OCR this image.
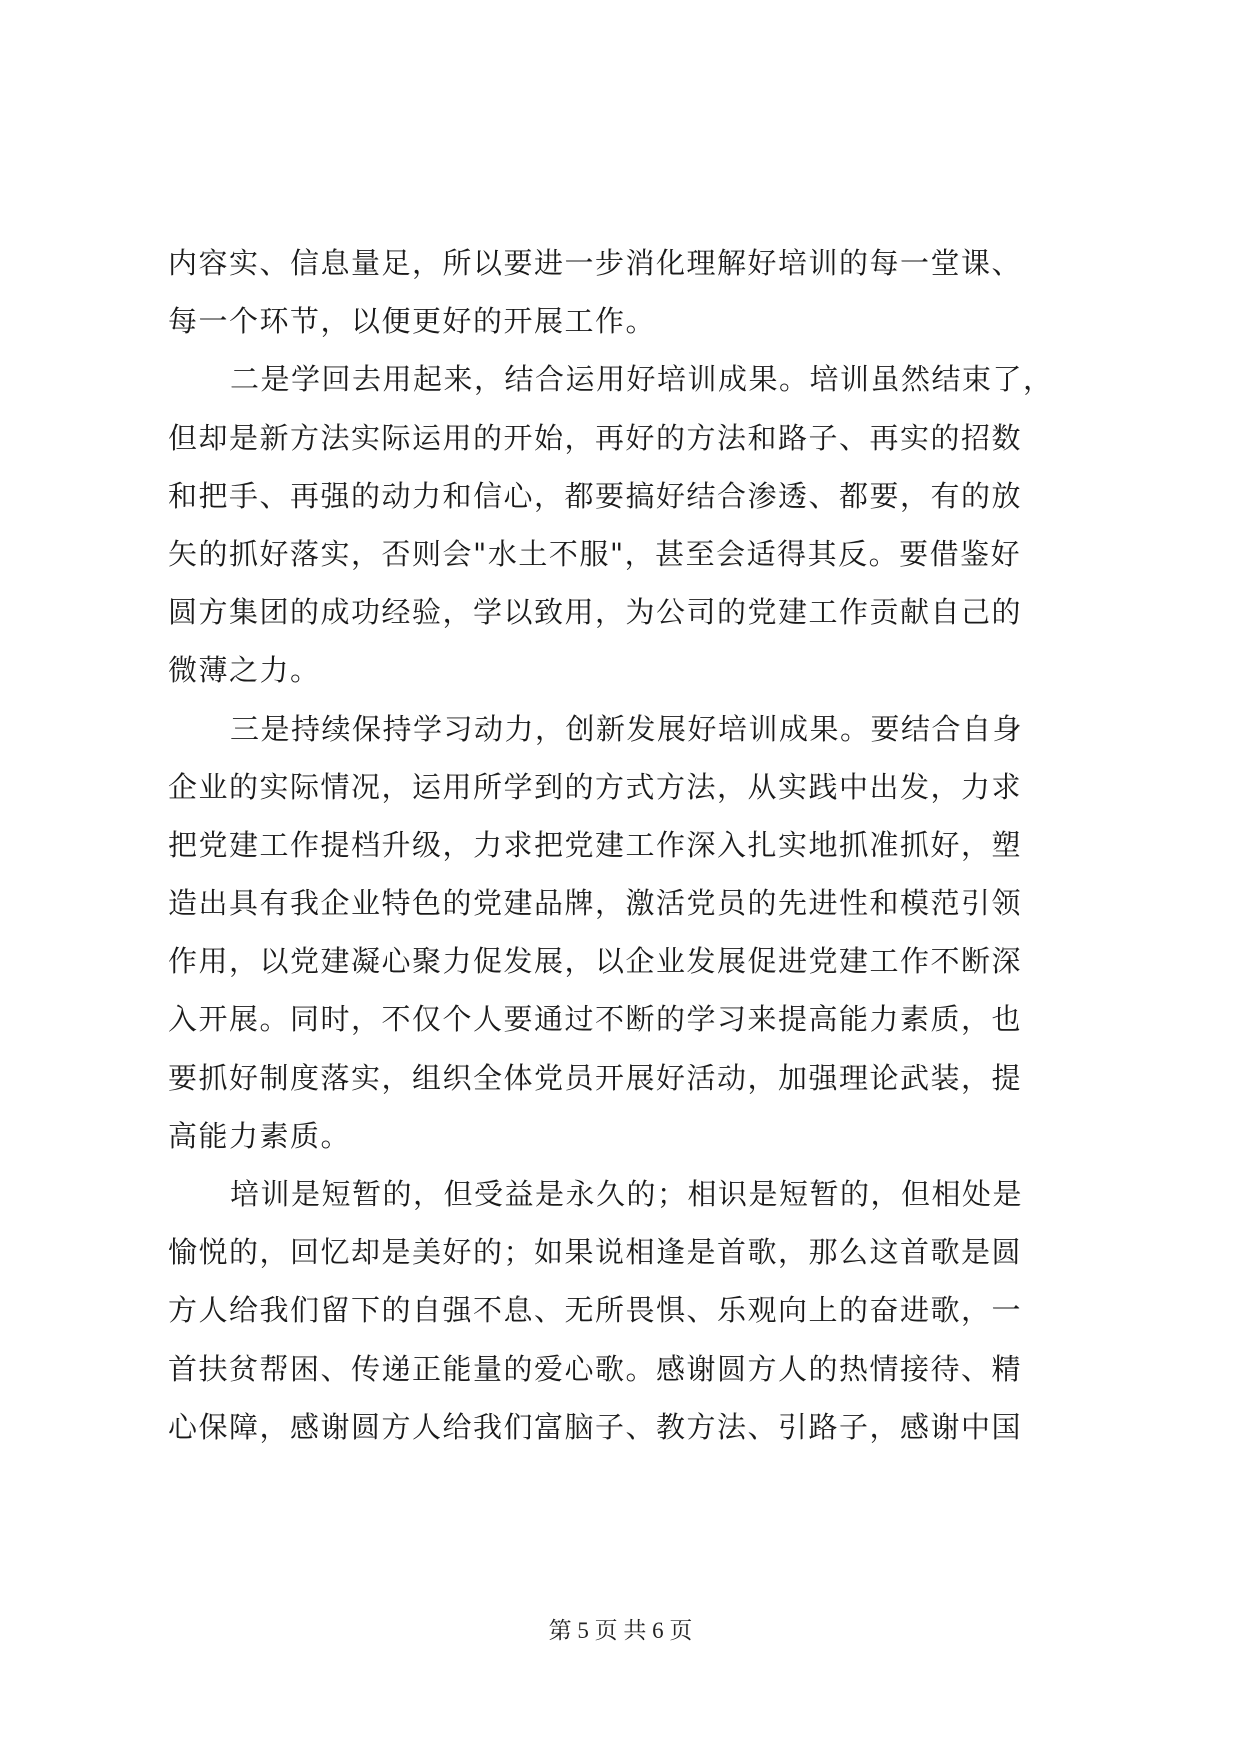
内容实、信息量足，所以要进一步消化理解好培训的每一堂课、
每一个环节，以便更好的开展工作。
二是学回去用起来，结合运用好培训成果。培训虽然结束了，
但却是新方法实际运用的开始，再好的方法和路子、再实的招数
和把手、再强的动力和信心，都要搞好结合渗透、都要，有的放
矢的抓好落实，否则会"水土不服"，甚至会适得其反。要借鉴好
圆方集团的成功经验，学以致用，为公司的党建工作贡献自己的
微薄之力。
三是持续保持学习动力，创新发展好培训成果。要结合自身
企业的实际情况，运用所学到的方式方法，从实践中出发，力求
把党建工作提档升级，力求把党建工作深入扎实地抓准抓好，塑
造出具有我企业特色的党建品牌，激活党员的先进性和模范引领
作用，以党建凝心聚力促发展，以企业发展促进党建工作不断深
入开展。同时，不仅个人要通过不断的学习来提高能力素质，也
要抓好制度落实，组织全体党员开展好活动，加强理论武装，提
高能力素质。
培训是短暂的，但受益是永久的；相识是短暂的，但相处是
愉悦的，回忆却是美好的；如果说相逢是首歌，那么这首歌是圆
方人给我们留下的自强不息、无所畏惧、乐观向上的奋进歌，一
首扶贫帮困、传递正能量的爱心歌。感谢圆方人的热情接待、精
心保障，感谢圆方人给我们富脑子、教方法、引路子，感谢中国
第 5 页 共 6 页
